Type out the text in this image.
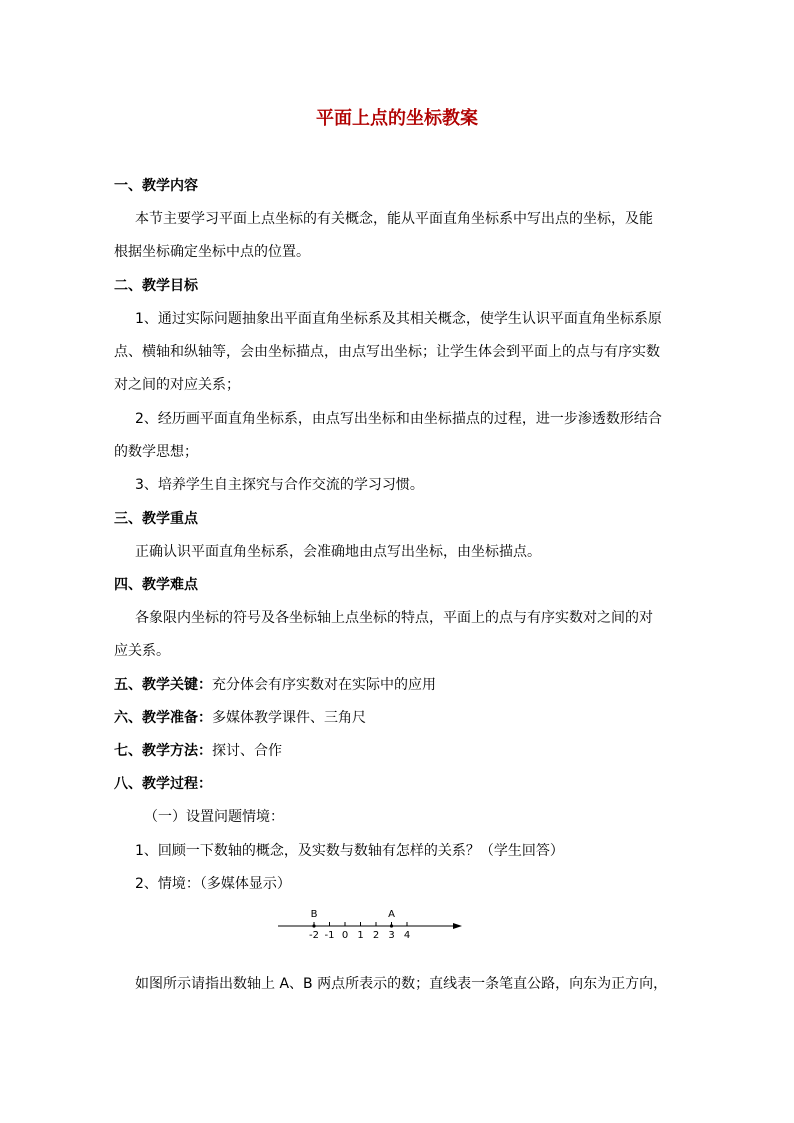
平面上点的坐标教案
一、教学内容
本节主要学习平面上点坐标的有关概念，能从平面直角坐标系中写出点的坐标，及能
根据坐标确定坐标中点的位置。
二、教学目标
1、通过实际问题抽象出平面直角坐标系及其相关概念，使学生认识平面直角坐标系原
点、横轴和纵轴等，会由坐标描点，由点写出坐标；让学生体会到平面上的点与有序实数
对之间的对应关系；
2、经历画平面直角坐标系，由点写出坐标和由坐标描点的过程，进一步渗透数形结合
的数学思想；
3、培养学生自主探究与合作交流的学习习惯。
三、教学重点
正确认识平面直角坐标系，会准确地由点写出坐标，由坐标描点。
四、教学难点
各象限内坐标的符号及各坐标轴上点坐标的特点，平面上的点与有序实数对之间的对
应关系。
五、教学关键：充分体会有序实数对在实际中的应用
六、教学准备：多媒体教学课件、三角尺
七、教学方法：探讨、合作
八、教学过程：
（一）设置问题情境：
1、回顾一下数轴的概念，及实数与数轴有怎样的关系？（学生回答）
2、情境：（多媒体显示）
-2 -1 0 1 2 3 4
B	A
如图所示请指出数轴上 A、B 两点所表示的数；直线表一条笔直公路，向东为正方向，
